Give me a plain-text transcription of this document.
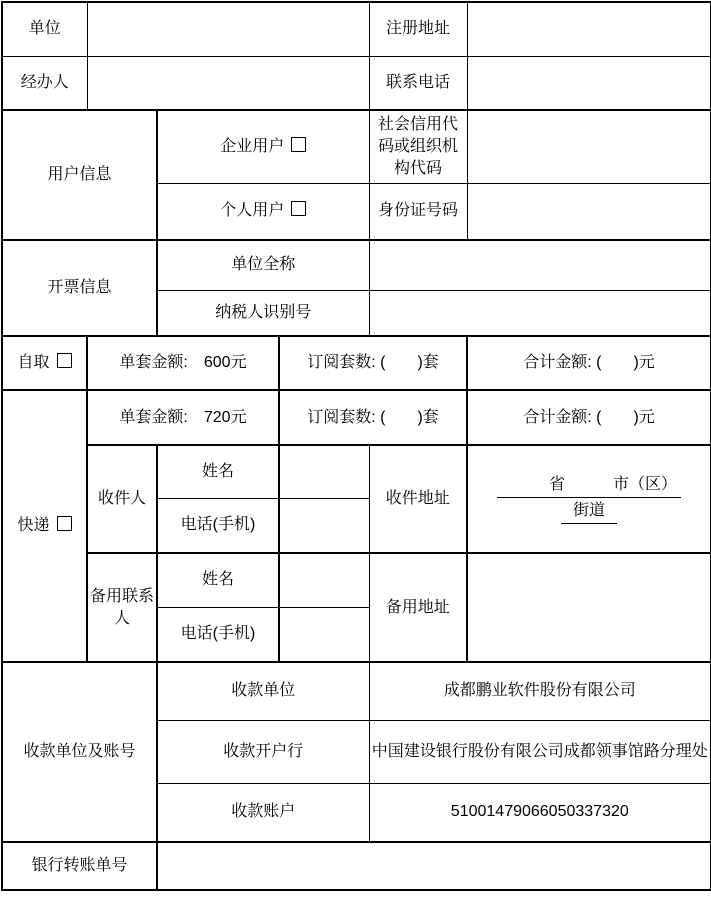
单位				注册地址	
经办人				联系电话	
用户信息		企业用户		社会信用代码或组织机构代码	
		个人用户		身份证号码	
开票信息		单位全称			
		纳税人识别号			
自取	单套金额:　600元		订阅套数: (　　)套		合计金额: (　　)元
快递	单套金额:　720元		订阅套数: (　　)套		合计金额: (　　)元
	收件人	姓名		收件地址	　　　省　　　市（区）
街道
		电话(手机)			
	备用联系人	姓名		备用地址	
		电话(手机)			
收款单位及账号		收款单位		成都鹏业软件股份有限公司	
		收款开户行		中国建设银行股份有限公司成都领事馆路分理处	
		收款账户		51001479066050337320	
银行转账单号					
